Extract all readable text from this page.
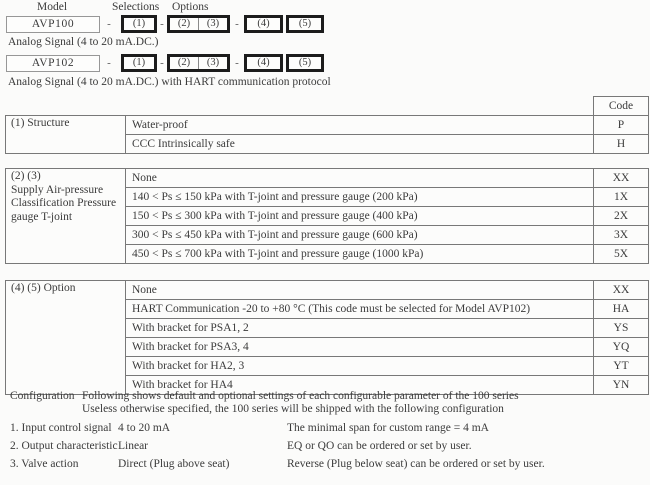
Model	Selections Options
AVP100	-	(1)	-	(2)	(3)	-	(4)	(5)
Analog Signal (4 to 20 mA.DC.)
AVP102	-	(1)	-	(2)	(3)	-	(4)	(5)
Analog Signal (4 to 20 mA.DC.) with HART communication protocol
		Code
(1) Structure	Water-proof	P
	CCC Intrinsically safe	H
(2) (3)
Supply Air-pressure Classification Pressure gauge T-joint	None	XX
	140 < Ps ≤ 150 kPa with T-joint and pressure gauge (200 kPa)	1X
	150 < Ps ≤ 300 kPa with T-joint and pressure gauge (400 kPa)	2X
	300 < Ps ≤ 450 kPa with T-joint and pressure gauge (600 kPa)	3X
	450 < Ps ≤ 700 kPa with T-joint and pressure gauge (1000 kPa)	5X
(4) (5) Option	None	XX
	HART Communication -20 to +80 °C (This code must be selected for Model AVP102)	HA
	With bracket for PSA1, 2	YS
	With bracket for PSA3, 4	YQ
	With bracket for HA2, 3	YT
	With bracket for HA4	YN
Configuration Following shows default and optional settings of each configurable parameter of the 100 series
Useless otherwise specified, the 100 series will be shipped with the following configuration
1. Input control signal 4 to 20 mA	The minimal span for custom range = 4 mA
2. Output characteristic Linear	EQ or QO can be ordered or set by user.
3. Valve action	Direct (Plug above seat)	Reverse (Plug below seat) can be ordered or set by user.
